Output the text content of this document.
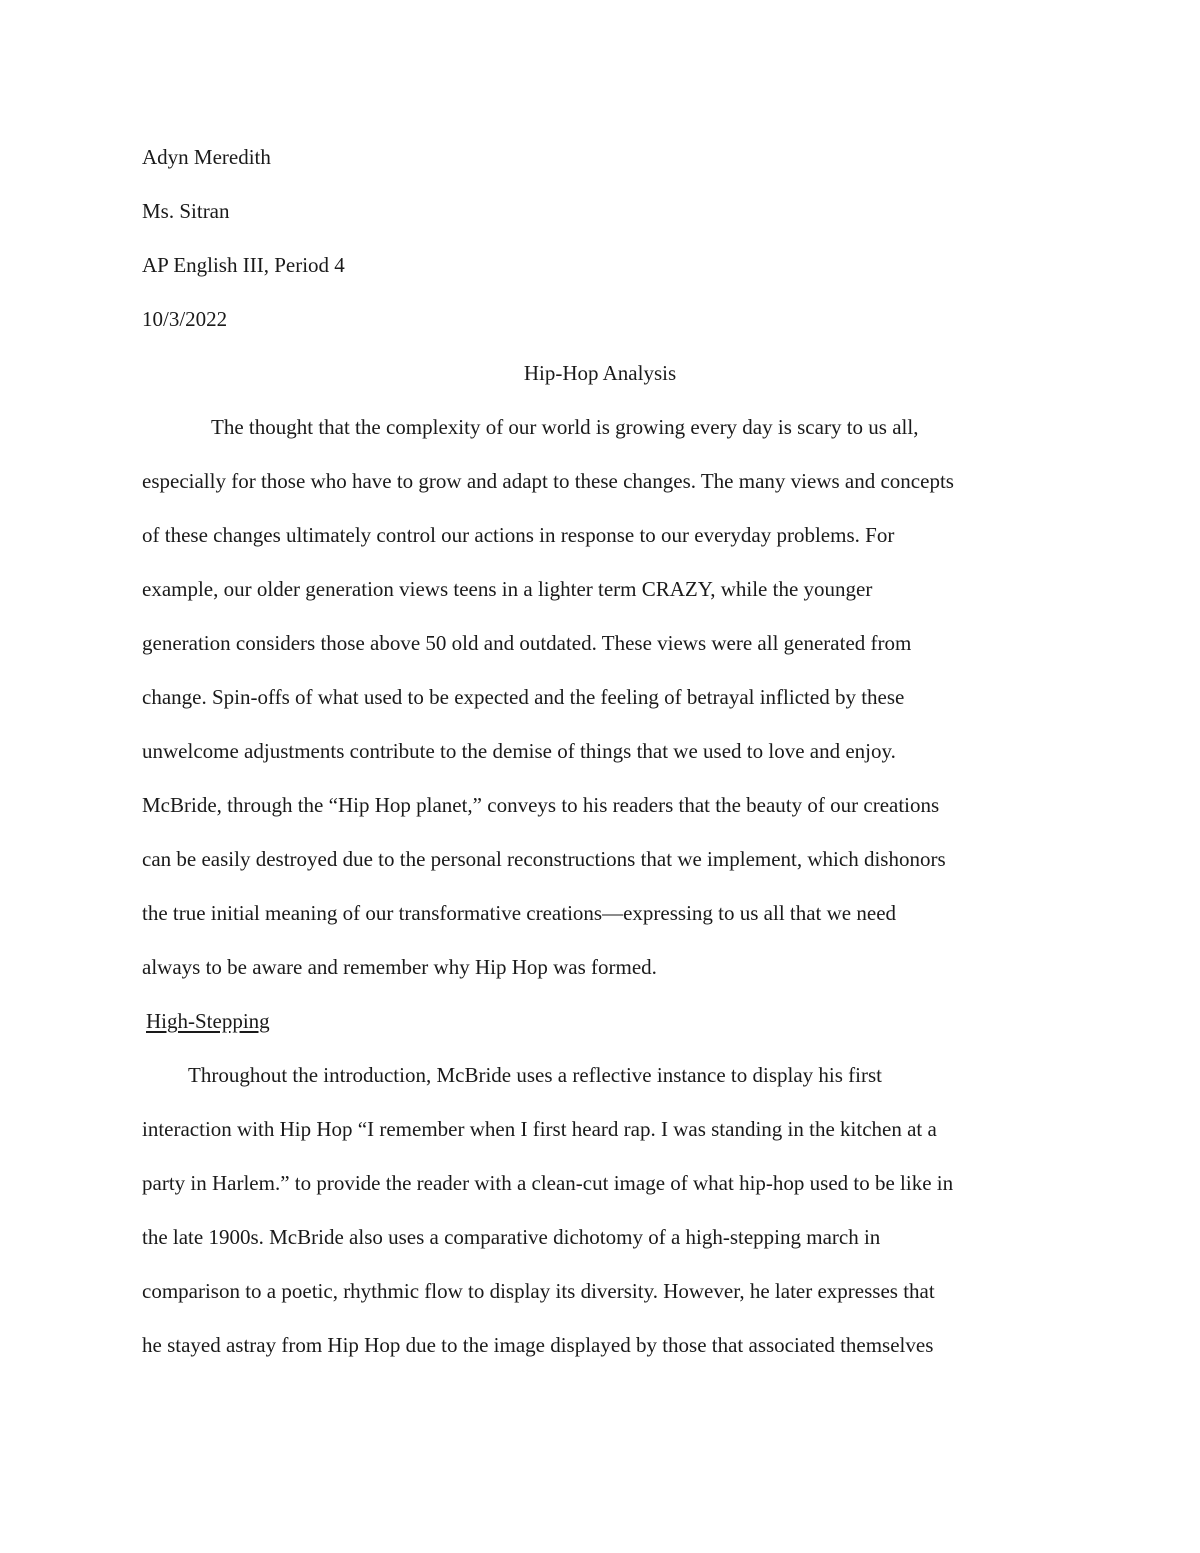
Adyn Meredith
Ms. Sitran
AP English III, Period 4
10/3/2022
Hip-Hop Analysis
The thought that the complexity of our world is growing every day is scary to us all,
especially for those who have to grow and adapt to these changes. The many views and concepts
of these changes ultimately control our actions in response to our everyday problems. For
example, our older generation views teens in a lighter term CRAZY, while the younger
generation considers those above 50 old and outdated. These views were all generated from
change. Spin-offs of what used to be expected and the feeling of betrayal inflicted by these
unwelcome adjustments contribute to the demise of things that we used to love and enjoy.
McBride, through the “Hip Hop planet,” conveys to his readers that the beauty of our creations
can be easily destroyed due to the personal reconstructions that we implement, which dishonors
the true initial meaning of our transformative creations—expressing to us all that we need
always to be aware and remember why Hip Hop was formed.
High-Stepping
Throughout the introduction, McBride uses a reflective instance to display his first
interaction with Hip Hop “I remember when I first heard rap. I was standing in the kitchen at a
party in Harlem.” to provide the reader with a clean-cut image of what hip-hop used to be like in
the late 1900s. McBride also uses a comparative dichotomy of a high-stepping march in
comparison to a poetic, rhythmic flow to display its diversity. However, he later expresses that
he stayed astray from Hip Hop due to the image displayed by those that associated themselves
